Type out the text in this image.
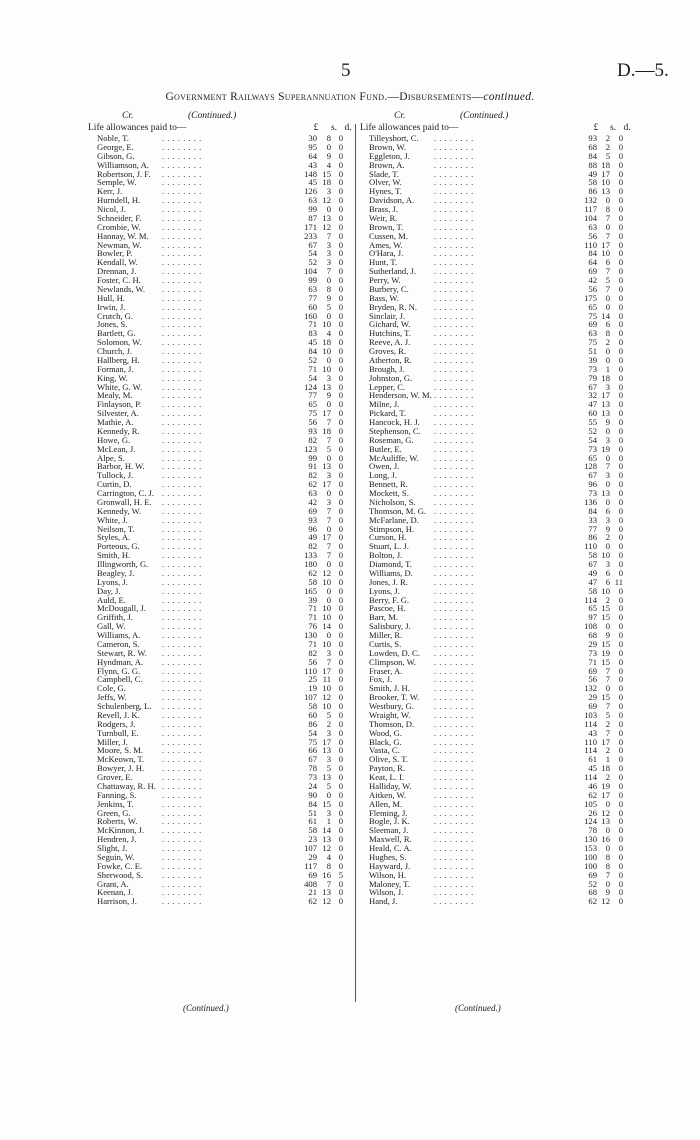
5	D.—5.
Government Railways Superannuation Fund.—Disbursements—continued.
Cr.	(Continued.)
Life allowances paid to—	£	s. d.
Noble, T.	. . . . . . . .	30	8 0
George, E.	. . . . . . . .	95	0 0
Gibson, G.	. . . . . . . .	64	9 0
Williamson, A. . . . . . . . .	43	4 0
Robertson, J. F. . . . . . . . .	148 15 0
Semple, W.	. . . . . . . .	45 18 0
Kerr, J.	. . . . . . . .	126	3 0
Hurndell, H.	. . . . . . . .	63 12 0
Nicol, J.	. . . . . . . .	99	0 0
Schneider, F. . . . . . . . .	87 13 0
Crombie, W. . . . . . . . .	171 12 0
Hannay, W. M. . . . . . . . .	233	7 0
Newman, W. . . . . . . . .	67	3 0
Bowler, P.	. . . . . . . .	54	3 0
Kendall, W.	. . . . . . . .	52	3 0
Drennan, J.	. . . . . . . .	104	7 0
Foster, C. H. . . . . . . . .	99	0 0
Newlands, W. . . . . . . . .	63	8 0
Hull, H.	. . . . . . . .	77	9 0
Irwin, J.	. . . . . . . .	60	5 0
Crutch, G.	. . . . . . . .	160	0 0
Jones, S.	. . . . . . . .	71 10 0
Bartlett, G.	. . . . . . . .	83	4 0
Solomon, W. . . . . . . . .	45 18 0
Church, J.	. . . . . . . .	84 10 0
Hallberg, H.	. . . . . . . .	52	0 0
Forman, J.	. . . . . . . .	71 10 0
King, W.	. . . . . . . .	54	3 0
White, G. W. . . . . . . . .	124 13 0
Mealy, M.	. . . . . . . .	77	9 0
Finlayson, P. . . . . . . . .	65	0 0
Silvester, A.	. . . . . . . .	75 17 0
Mathie, A.	. . . . . . . .	56	7 0
Kennedy, R.	. . . . . . . .	93 18 0
Howe, G.	. . . . . . . .	82	7 0
McLean, J.	. . . . . . . .	123	5 0
Alpe, S.	. . . . . . . .	99	0 0
Barbor, H. W. . . . . . . . .	91 13 0
Tullock, J.	. . . . . . . .	82	3 0
Curtin, D.	. . . . . . . .	62 17 0
Carrington, C. J. . . . . . . . .	63	0 0
Gronwall, H. E. . . . . . . . .	42	3 0
Kennedy, W. . . . . . . . .	69	7 0
White, J.	. . . . . . . .	93	7 0
Neilson, T.	. . . . . . . .	96	0 0
Styles, A.	. . . . . . . .	49 17 0
Porteous, G.	. . . . . . . .	82	7 0
Smith, H.	. . . . . . . .	133	7 0
Illingworth, G. . . . . . . . .	180	0 0
Beagley, J.	. . . . . . . .	62 12 0
Lyons, J.	. . . . . . . .	58 10 0
Day, J.	. . . . . . . .	165	0 0
Auld, E.	. . . . . . . .	39	0 0
McDougall, J. . . . . . . . .	71 10 0
Griffith, J.	. . . . . . . .	71 10 0
Gall, W.	. . . . . . . .	76 14 0
Williams, A.	. . . . . . . .	130	0 0
Cameron, S.	. . . . . . . .	71 10 0
Stewart, R. W. . . . . . . . .	82	3 0
Hyndman, A. . . . . . . . .	56	7 0
Flynn, G. G.	. . . . . . . .	110 17 0
Campbell, C. . . . . . . . .	25 11 0
Cole, G.	. . . . . . . .	19 10 0
Jeffs, W.	. . . . . . . .	107 12 0
Schulenberg, L. . . . . . . . .	58 10 0
Revell, J. K.	. . . . . . . .	60	5 0
Rodgers, J.	. . . . . . . .	86	2 0
Turnbull, E.	. . . . . . . .	54	3 0
Miller, J.	. . . . . . . .	75 17 0
Moore, S. M. . . . . . . . .	66 13 0
McKeown, T. . . . . . . . .	67	3 0
Bowyer, J. H. . . . . . . . .	78	5 0
Grover, E.	. . . . . . . .	73 13 0
Chattaway, R. H. . . . . . . . .	24	5 0
Fanning, S.	. . . . . . . .	90	0 0
Jenkins, T.	. . . . . . . .	84 15 0
Green, G.	. . . . . . . .	51	3 0
Roberts, W.	. . . . . . . .	61	1 0
McKinnon, J. . . . . . . . .	58 14 0
Hendren, J.	. . . . . . . .	23 13 0
Slight, J.	. . . . . . . .	107 12 0
Seguin, W.	. . . . . . . .	29	4 0
Fowke, C. E. . . . . . . . .	117	8 0
Sherwood, S. . . . . . . . .	69 16 5
Grant, A.	. . . . . . . .	408	7 0
Keenan, J.	. . . . . . . .	21 13 0
Harrison, J.	. . . . . . . .	62 12 0
Cr.	(Continued.)
Life allowances paid to—	£	s. d.
Tilleyshort, C. . . . . . . . .	93	2	0
Brown, W.	. . . . . . . .	68	2	0
Eggleton, J.	. . . . . . . .	84	5	0
Brown, A.	. . . . . . . .	88 18	0
Slade, T.	. . . . . . . .	49 17	0
Olver, W.	. . . . . . . .	58 10	0
Hynes, T.	. . . . . . . .	86 13	0
Davidson, A. . . . . . . . .	132	0	0
Brass, J.	. . . . . . . .	117	8	0
Weir, R.	. . . . . . . .	104	7	0
Brown, T.	. . . . . . . .	63	0	0
Cussen, M.	. . . . . . . .	56	7	0
Ames, W.	. . . . . . . .	110 17	0
O'Hara, J.	. . . . . . . .	84 10	0
Hunt, T.	. . . . . . . .	64	6	0
Sutherland, J. . . . . . . . .	69	7	0
Perry, W.	. . . . . . . .	42	5	0
Burbery, C.	. . . . . . . .	56	7	0
Bass, W.	. . . . . . . .	175	0	0
Bryden, R. N. . . . . . . . .	65	0	0
Sinclair, J.	. . . . . . . .	75 14	0
Gichard, W.	. . . . . . . .	69	6	0
Hutchins, T.	. . . . . . . .	63	8	0
Reeve, A. J.	. . . . . . . .	75	2	0
Groves, R.	. . . . . . . .	51	0	0
Atherton, R.	. . . . . . . .	39	0	0
Brough, J.	. . . . . . . .	73	1	0
Johnston, G.	. . . . . . . .	79 18	0
Lepper, C.	. . . . . . . .	67	3	0
Henderson, W. M. . . . . . . . .	32 17	0
Milne, J.	. . . . . . . .	47 13	0
Pickard, T.	. . . . . . . .	60 13	0
Hancock, H. J. . . . . . . . .	55	9	0
Stephenson, C. . . . . . . . .	52	0	0
Roseman, G. . . . . . . . .	54	3	0
Butler, E.	. . . . . . . .	73 19	0
McAuliffe, W. . . . . . . . .	65	0	0
Owen, J.	. . . . . . . .	128	7	0
Long, J.	. . . . . . . .	67	3	0
Bennett, R.	. . . . . . . .	96	0	0
Mockett, S.	. . . . . . . .	73 13	0
Nicholson, S. . . . . . . . .	136	0	0
Thomson, M. G. . . . . . . . .	84	6	0
McFarlane, D. . . . . . . . .	33	3	0
Stimpson, H. . . . . . . . .	77	9	0
Curson, H.	. . . . . . . .	86	2	0
Stuart, L. J.	. . . . . . . .	110	0	0
Bolton, J.	. . . . . . . .	58 10	0
Diamond, T.	. . . . . . . .	67	3	0
Williams, D. . . . . . . . .	49	6	0
Jones, J. R.	. . . . . . . .	47	6 11
Lyons, J.	. . . . . . . .	58 10	0
Berry, F. G.	. . . . . . . .	114	2	0
Pascoe, H.	. . . . . . . .	65 15	0
Barr, M.	. . . . . . . .	97 15	0
Salisbury, J.	. . . . . . . .	108	0	0
Miller, R.	. . . . . . . .	68	9	0
Curtis, S.	. . . . . . . .	29 15	0
Lowden, D. C. . . . . . . . .	73 19	0
Climpson, W. . . . . . . . .	71 15	0
Fraser, A.	. . . . . . . .	69	7	0
Fox, J.	. . . . . . . .	56	7	0
Smith, J. H.	. . . . . . . .	132	0	0
Brooker, T. W. . . . . . . . .	29 15	0
Westbury, G. . . . . . . . .	69	7	0
Wraight, W.	. . . . . . . .	103	5	0
Thomson, D. . . . . . . . .	114	2	0
Wood, G.	. . . . . . . .	43	7	0
Black, G.	. . . . . . . .	110 17	0
Vasta, C.	. . . . . . . .	114	2	0
Olive, S. T.	. . . . . . . .	61	1	0
Payton, R.	. . . . . . . .	45 18	0
Keat, L. I.	. . . . . . . .	114	2	0
Halliday, W.	. . . . . . . .	46 19	0
Aitken, W.	. . . . . . . .	62 17	0
Allen, M.	. . . . . . . .	105	0	0
Fleming, J.	. . . . . . . .	26 12	0
Bogle, J. K.	. . . . . . . .	124 13	0
Sleeman, J.	. . . . . . . .	78	0	0
Maxwell, R.	. . . . . . . .	130 16	0
Heald, C. A.	. . . . . . . .	153	0	0
Hughes, S.	. . . . . . . .	100	8	0
Hayward, J.	. . . . . . . .	100	8	0
Wilson, H.	. . . . . . . .	69	7	0
Maloney, T.	. . . . . . . .	52	0	0
Wilson, J.	. . . . . . . .	68	9	0
Hand, J.	. . . . . . . .	62 12	0
(Continued.)	(Continued.)
